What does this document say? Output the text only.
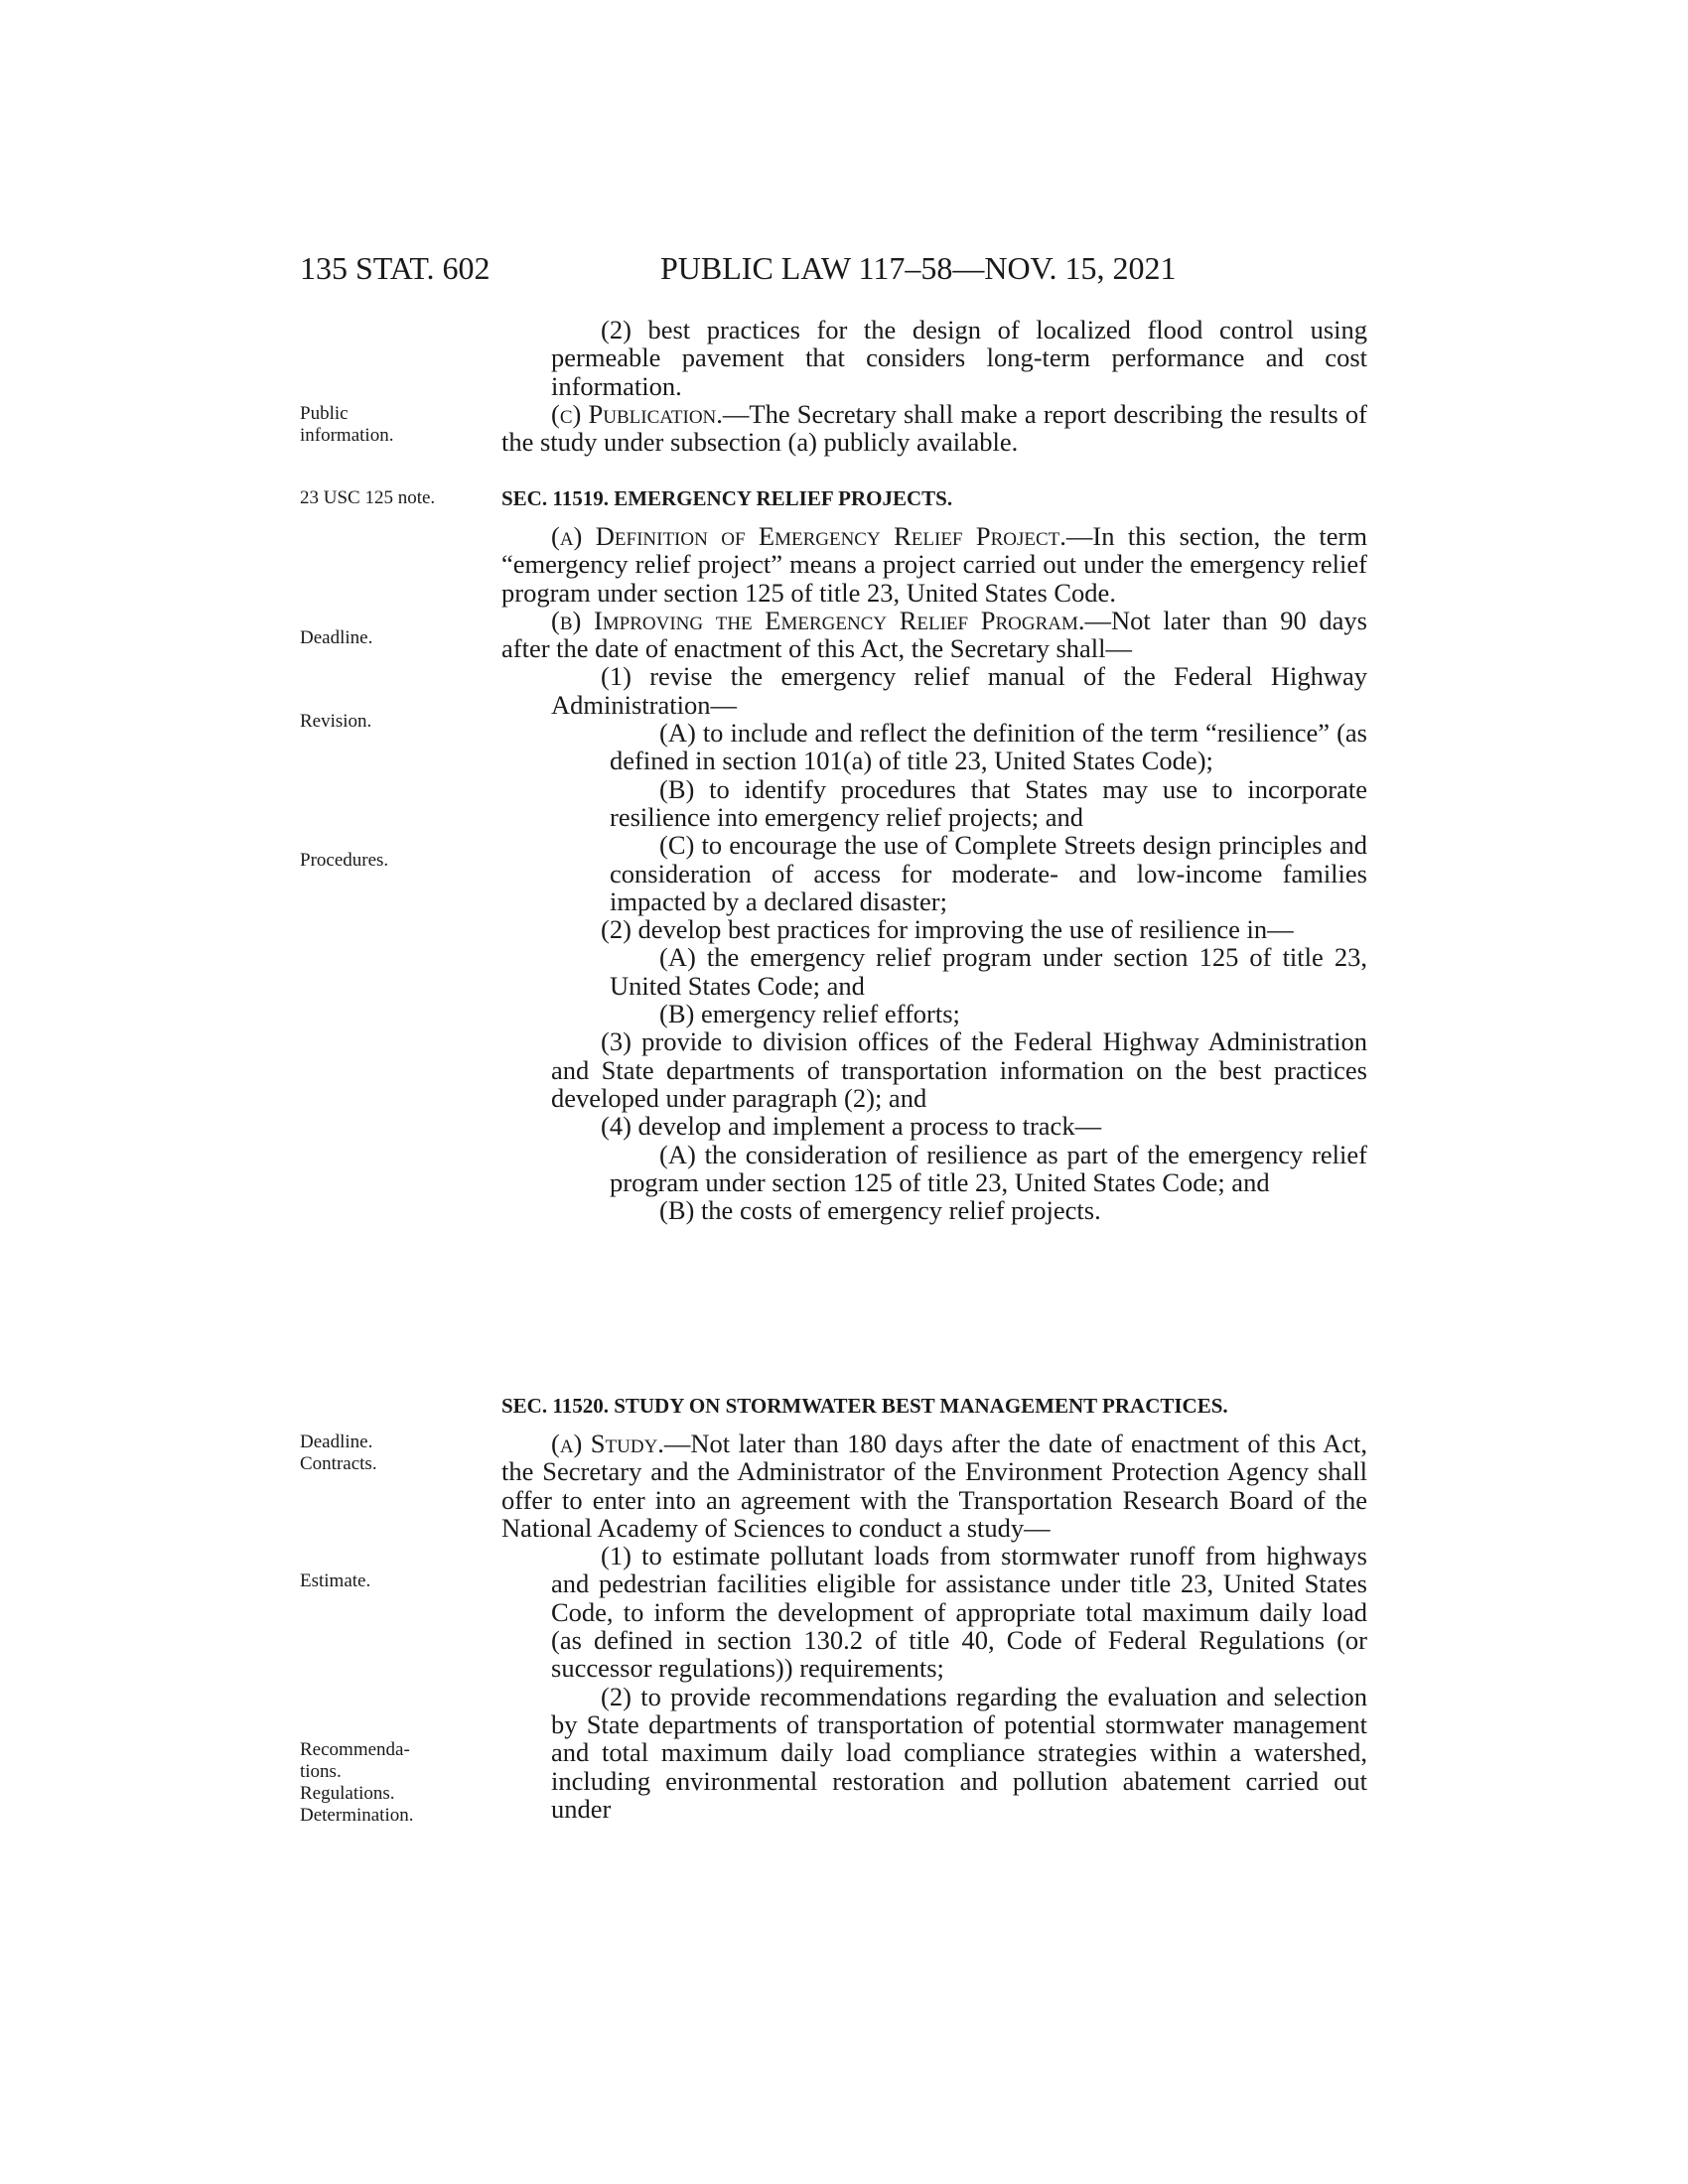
135 STAT. 602	PUBLIC LAW 117–58—NOV. 15, 2021
Public
information.
23 USC 125 note.
Deadline.
Revision.
Procedures.
Deadline.
Contracts.
Estimate.
Recommenda-
tions.
Regulations.
Determination.

(2) best practices for the design of localized flood control using permeable pavement that considers long-term performance and cost information.

(c) Publication.—The Secretary shall make a report describing the results of the study under subsection (a) publicly available.

SEC. 11519. EMERGENCY RELIEF PROJECTS.

(a) Definition of Emergency Relief Project.—In this section, the term “emergency relief project” means a project carried out under the emergency relief program under section 125 of title 23, United States Code.

(b) Improving the Emergency Relief Program.—Not later than 90 days after the date of enactment of this Act, the Secretary shall—

(1) revise the emergency relief manual of the Federal Highway Administration—

(A) to include and reflect the definition of the term “resilience” (as defined in section 101(a) of title 23, United States Code);

(B) to identify procedures that States may use to incorporate resilience into emergency relief projects; and

(C) to encourage the use of Complete Streets design principles and consideration of access for moderate- and low-income families impacted by a declared disaster;

(2) develop best practices for improving the use of resilience in—

(A) the emergency relief program under section 125 of title 23, United States Code; and

(B) emergency relief efforts;

(3) provide to division offices of the Federal Highway Administration and State departments of transportation information on the best practices developed under paragraph (2); and

(4) develop and implement a process to track—

(A) the consideration of resilience as part of the emergency relief program under section 125 of title 23, United States Code; and

(B) the costs of emergency relief projects.

SEC. 11520. STUDY ON STORMWATER BEST MANAGEMENT PRACTICES.

(a) Study.—Not later than 180 days after the date of enactment of this Act, the Secretary and the Administrator of the Environment Protection Agency shall offer to enter into an agreement with the Transportation Research Board of the National Academy of Sciences to conduct a study—

(1) to estimate pollutant loads from stormwater runoff from highways and pedestrian facilities eligible for assistance under title 23, United States Code, to inform the development of appropriate total maximum daily load (as defined in section 130.2 of title 40, Code of Federal Regulations (or successor regulations)) requirements;

(2) to provide recommendations regarding the evaluation and selection by State departments of transportation of potential stormwater management and total maximum daily load compliance strategies within a watershed, including environmental restoration and pollution abatement carried out under
